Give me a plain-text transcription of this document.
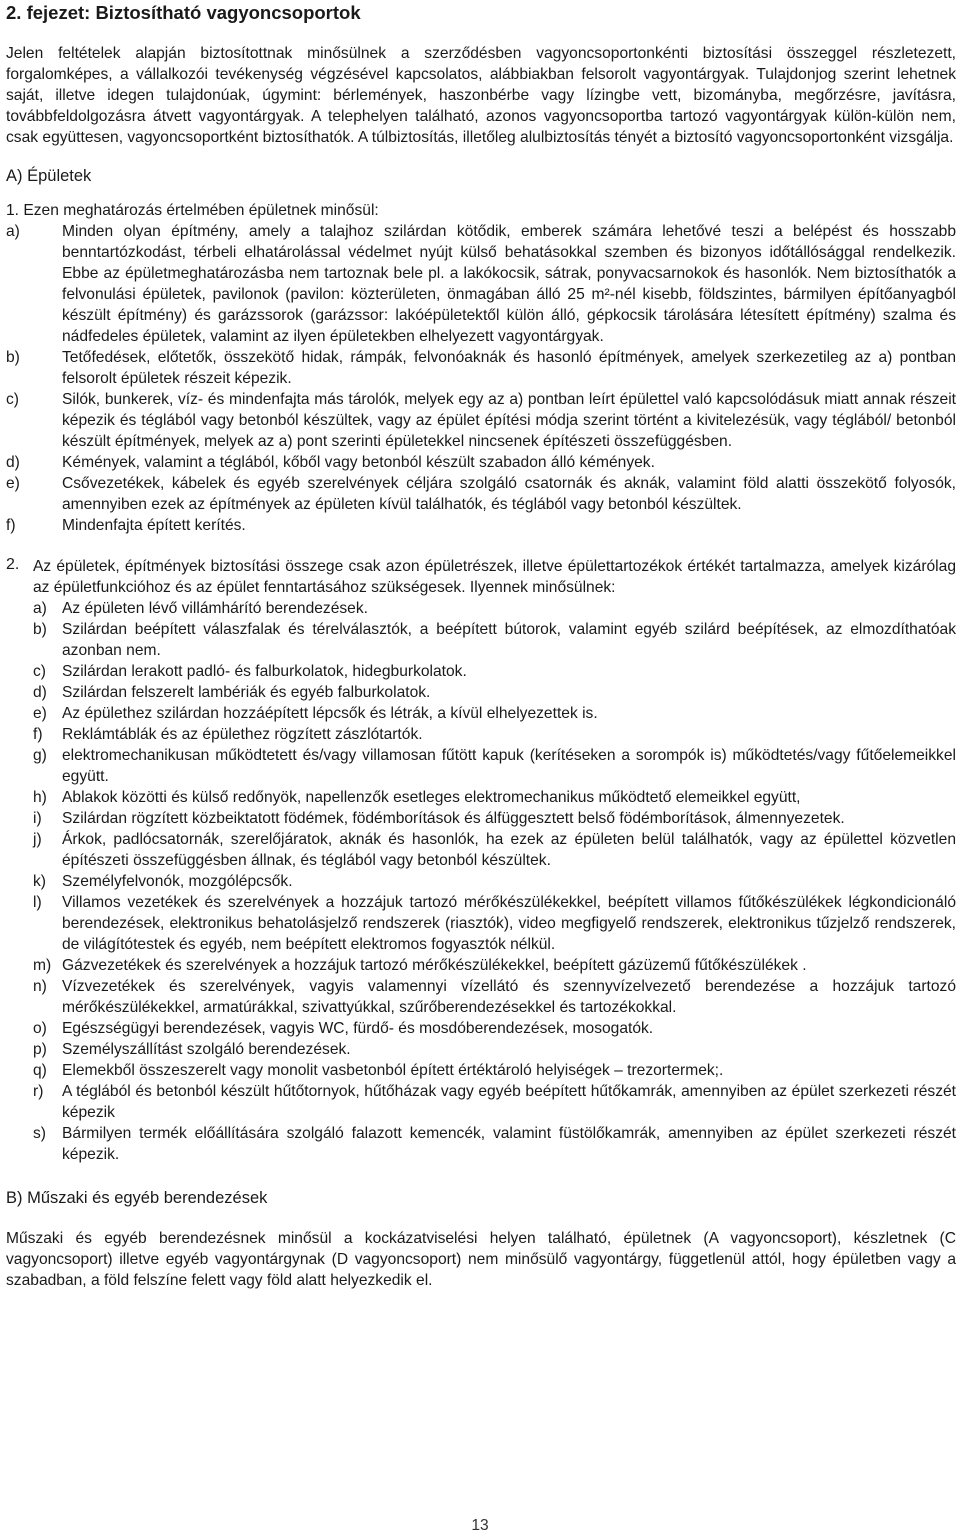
2. fejezet: Biztosítható vagyoncsoportok

Jelen feltételek alapján biztosítottnak minősülnek a szerződésben vagyoncsoportonkénti biztosítási összeggel részletezett, forgalomképes, a vállalkozói tevékenység végzésével kapcsolatos, alábbiakban felsorolt vagyontárgyak. Tulajdonjog szerint lehetnek saját, illetve idegen tulajdonúak, úgymint: bérlemények, haszonbérbe vagy lízingbe vett, bizományba, megőrzésre, javításra, továbbfeldolgozásra átvett vagyontárgyak. A telephelyen található, azonos vagyoncsoportba tartozó vagyontárgyak külön-külön nem, csak együttesen, vagyoncsoportként biztosíthatók. A túlbiztosítás, illetőleg alulbiztosítás tényét a biztosító vagyoncsoportonként vizsgálja.

A) Épületek

1. Ezen meghatározás értelmében épületnek minősül:

a)	Minden olyan építmény, amely a talajhoz szilárdan kötődik, emberek számára lehetővé teszi a belépést és hosszabb benntartózkodást, térbeli elhatárolással védelmet nyújt külső behatásokkal szemben és bizonyos időtállósággal rendelkezik. Ebbe az épületmeghatározásba nem tartoznak bele pl. a lakókocsik, sátrak, ponyvacsarnokok és hasonlók. Nem biztosíthatók a felvonulási épületek, pavilonok (pavilon: közterületen, önmagában álló 25 m²-nél kisebb, földszintes, bármilyen építőanyagból készült építmény) és garázssorok (garázssor: lakóépületektől külön álló, gépkocsik tárolására létesített építmény) szalma és nádfedeles épületek, valamint az ilyen épületekben elhelyezett vagyontárgyak.
b)	Tetőfedések, előtetők, összekötő hidak, rámpák, felvonóaknák és hasonló építmények, amelyek szerkezetileg az a) pontban felsorolt épületek részeit képezik.
c)	Silók, bunkerek, víz- és mindenfajta más tárolók, melyek egy az a) pontban leírt épülettel való kapcsolódásuk miatt annak részeit képezik és téglából vagy betonból készültek, vagy az épület építési módja szerint történt a kivitelezésük, vagy téglából/ betonból készült építmények, melyek az a) pont szerinti épületekkel nincsenek építészeti összefüggésben.
d)	Kémények, valamint a téglából, kőből vagy betonból készült szabadon álló kémények.
e)	Csővezetékek, kábelek és egyéb szerelvények céljára szolgáló csatornák és aknák, valamint föld alatti összekötő folyosók, amennyiben ezek az építmények az épületen kívül találhatók, és téglából vagy betonból készültek.
f)	Mindenfajta épített kerítés.
2. Az épületek, építmények biztosítási összege csak azon épületrészek, illetve épülettartozékok értékét tartalmazza, amelyek kizárólag az épületfunkcióhoz és az épület fenntartásához szükségesek. Ilyennek minősülnek:

a) Az épületen lévő villámhárító berendezések.
b) Szilárdan beépített válaszfalak és térelválasztók, a beépített bútorok, valamint egyéb szilárd beépítések, az elmozdíthatóak azonban nem.
c)	Szilárdan lerakott padló- és falburkolatok, hidegburkolatok.
d) Szilárdan felszerelt lambériák és egyéb falburkolatok.
e) Az épülethez szilárdan hozzáépített lépcsők és létrák, a kívül elhelyezettek is.
f)	Reklámtáblák és az épülethez rögzített zászlótartók.
g) elektromechanikusan működtetett és/vagy villamosan fűtött kapuk (kerítéseken a sorompók is) működtetés/vagy fűtőelemeikkel együtt.
h) Ablakok közötti és külső redőnyök, napellenzők esetleges elektromechanikus működtető elemeikkel együtt,
i)	Szilárdan rögzített közbeiktatott födémek, födémborítások és álfüggesztett belső födémborítások, álmennyezetek.
j)	Árkok, padlócsatornák, szerelőjáratok, aknák és hasonlók, ha ezek az épületen belül találhatók, vagy az épülettel közvetlen építészeti összefüggésben állnak, és téglából vagy betonból készültek.
k)	Személyfelvonók, mozgólépcsők.
l)	Villamos vezetékek és szerelvények a hozzájuk tartozó mérőkészülékekkel, beépített villamos fűtőkészülékek légkondicionáló berendezések, elektronikus behatolásjelző rendszerek (riasztók), video megfigyelő rendszerek, elektronikus tűzjelző rendszerek, de világítótestek és egyéb, nem beépített elektromos fogyasztók nélkül.
m) Gázvezetékek és szerelvények a hozzájuk tartozó mérőkészülékekkel, beépített gázüzemű fűtőkészülékek .
n) Vízvezetékek és szerelvények, vagyis valamennyi vízellátó és szennyvízelvezető berendezése a hozzájuk tartozó mérőkészülékekkel, armatúrákkal, szivattyúkkal, szűrőberendezésekkel és tartozékokkal.
o) Egészségügyi berendezések, vagyis WC, fürdő- és mosdóberendezések, mosogatók.
p) Személyszállítást szolgáló berendezések.
q) Elemekből összeszerelt vagy monolit vasbetonból épített értéktároló helyiségek – trezortermek;.
r)	A téglából és betonból készült hűtőtornyok, hűtőházak vagy egyéb beépített hűtőkamrák, amennyiben az épület szerkezeti részét képezik
s)	Bármilyen termék előállítására szolgáló falazott kemencék, valamint füstölőkamrák, amennyiben az épület szerkezeti részét képezik.
B) Műszaki és egyéb berendezések

Műszaki és egyéb berendezésnek minősül a kockázatviselési helyen található, épületnek (A vagyoncsoport), készletnek (C vagyoncsoport) illetve egyéb vagyontárgynak (D vagyoncsoport) nem minősülő vagyontárgy, függetlenül attól, hogy épületben vagy a szabadban, a föld felszíne felett vagy föld alatt helyezkedik el.

13
